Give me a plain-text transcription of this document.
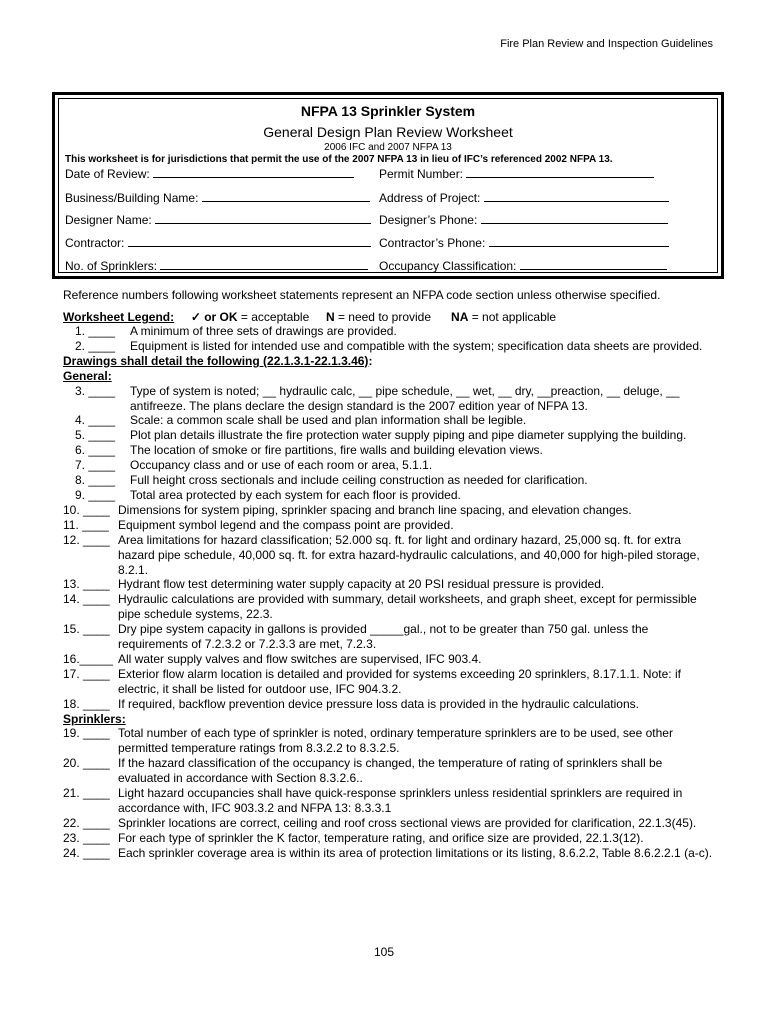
Fire Plan Review and Inspection Guidelines
NFPA 13 Sprinkler System
General Design Plan Review Worksheet
2006 IFC and 2007 NFPA 13
This worksheet is for jurisdictions that permit the use of the 2007 NFPA 13 in lieu of IFC’s referenced 2002 NFPA 13.
Date of Review:	Permit Number:
Business/Building Name:	Address of Project:
Designer Name:	Designer’s Phone:
Contractor:	Contractor’s Phone:
No. of Sprinklers:	Occupancy Classification:
Reference numbers following worksheet statements represent an NFPA code section unless otherwise specified.
Worksheet Legend: ✓ or OK = acceptable N = need to provide NA = not applicable
1. ____	A minimum of three sets of drawings are provided.
2. ____	Equipment is listed for intended use and compatible with the system; specification data sheets are provided.
Drawings shall detail the following (22.1.3.1-22.1.3.46):
General:
3. ____	Type of system is noted; __ hydraulic calc, __ pipe schedule, __ wet, __ dry, __preaction, __ deluge, __ antifreeze. The plans declare the design standard is the 2007 edition year of NFPA 13.
4. ____	Scale: a common scale shall be used and plan information shall be legible.
5. ____	Plot plan details illustrate the fire protection water supply piping and pipe diameter supplying the building.
6. ____	The location of smoke or fire partitions, fire walls and building elevation views.
7. ____	Occupancy class and or use of each room or area, 5.1.1.
8. ____	Full height cross sectionals and include ceiling construction as needed for clarification.
9. ____	Total area protected by each system for each floor is provided.
10. ____ Dimensions for system piping, sprinkler spacing and branch line spacing, and elevation changes.
11. ____ Equipment symbol legend and the compass point are provided.
12. ____ Area limitations for hazard classification; 52.000 sq. ft. for light and ordinary hazard, 25,000 sq. ft. for extra hazard pipe schedule, 40,000 sq. ft. for extra hazard-hydraulic calculations, and 40,000 for high-piled storage, 8.2.1.
13. ____ Hydrant flow test determining water supply capacity at 20 PSI residual pressure is provided.
14. ____ Hydraulic calculations are provided with summary, detail worksheets, and graph sheet, except for permissible pipe schedule systems, 22.3.
15. ____ Dry pipe system capacity in gallons is provided _____gal., not to be greater than 750 gal. unless the requirements of 7.2.3.2 or 7.2.3.3 are met, 7.2.3.
16._____ All water supply valves and flow switches are supervised, IFC 903.4.
17. ____ Exterior flow alarm location is detailed and provided for systems exceeding 20 sprinklers, 8.17.1.1. Note: if electric, it shall be listed for outdoor use, IFC 904.3.2.
18. ____ If required, backflow prevention device pressure loss data is provided in the hydraulic calculations.
Sprinklers:
19. ____ Total number of each type of sprinkler is noted, ordinary temperature sprinklers are to be used, see other permitted temperature ratings from 8.3.2.2 to 8.3.2.5.
20. ____ If the hazard classification of the occupancy is changed, the temperature of rating of sprinklers shall be evaluated in accordance with Section 8.3.2.6..
21. ____ Light hazard occupancies shall have quick-response sprinklers unless residential sprinklers are required in accordance with, IFC 903.3.2 and NFPA 13: 8.3.3.1
22. ____ Sprinkler locations are correct, ceiling and roof cross sectional views are provided for clarification, 22.1.3(45).
23. ____ For each type of sprinkler the K factor, temperature rating, and orifice size are provided, 22.1.3(12).
24. ____ Each sprinkler coverage area is within its area of protection limitations or its listing, 8.6.2.2, Table 8.6.2.2.1 (a-c).
105
